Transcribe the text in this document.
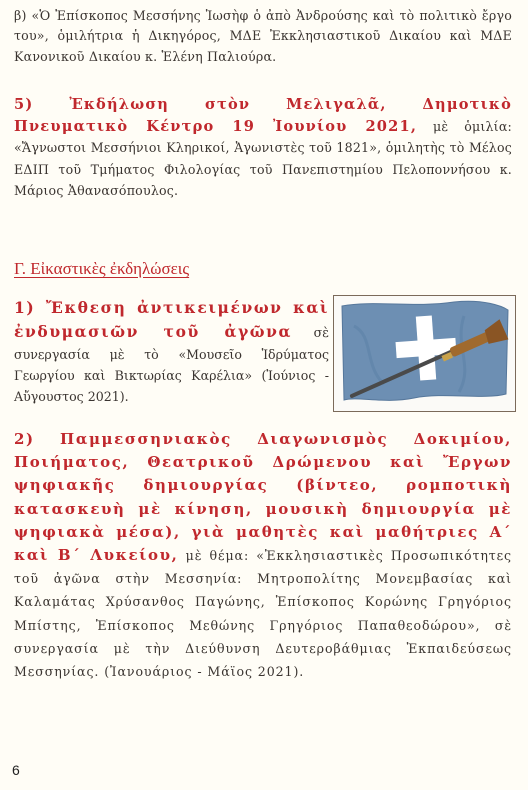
β) «Ὁ Ἐπίσκοπος Μεσσήνης Ἰωσὴφ ὁ ἀπὸ Ἀνδρούσης καὶ τὸ πολιτικὸ ἔργο του», ὁμιλήτρια ἡ Δικηγόρος, ΜΔΕ Ἐκκλησιαστικοῦ Δικαίου καὶ ΜΔΕ Κανονικοῦ Δικαίου κ. Ἑλένη Παλιούρα.

5) Ἐκδήλωση στὸν Μελιγαλᾶ, Δημοτικὸ Πνευματικὸ Κέντρο 19 Ἰουνίου 2021, μὲ ὁμιλία: «Ἄγνωστοι Μεσσήνιοι Κληρικοί, Ἀγωνιστὲς τοῦ 1821», ὁμιλητὴς τὸ Μέλος ΕΔΙΠ τοῦ Τμήματος Φιλολογίας τοῦ Πανεπιστημίου Πελοποννήσου κ. Μάριος Ἀθανασόπουλος.

Γ. Εἰκαστικὲς ἐκδηλώσεις

1) Ἔκθεση ἀντικειμένων καὶ ἐνδυμασιῶν τοῦ ἀγῶνα σὲ συνεργασία μὲ τὸ «Μουσεῖο Ἱδρύματος Γεωργίου καὶ Βικτωρίας Καρέλια» (Ἰούνιος - Αὔγουστος 2021).

2) Παμμεσσηνιακὸς Διαγωνισμὸς Δοκιμίου, Ποιήματος, Θεατρικοῦ Δρώμενου καὶ Ἔργων ψηφιακῆς δημιουργίας (βίντεο, ρομποτικὴ κατασκευὴ μὲ κίνηση, μουσικὴ δημιουργία μὲ ψηφιακὰ μέσα), γιὰ μαθητὲς καὶ μαθήτριες Α΄ καὶ Β΄ Λυκείου, μὲ θέμα: «Ἐκκλησιαστικὲς Προσωπικότητες τοῦ ἀγῶνα στὴν Μεσσηνία: Μητροπολίτης Μονεμβασίας καὶ Καλαμάτας Χρύσανθος Παγώνης, Ἐπίσκοπος Κορώνης Γρηγόριος Μπίστης, Ἐπίσκοπος Μεθώνης Γρηγόριος Παπαθεοδώρου», σὲ συνεργασία μὲ τὴν Διεύθυνση Δευτεροβάθμιας Ἐκπαιδεύσεως Μεσσηνίας. (Ἰανουάριος - Μάϊος 2021).

6
